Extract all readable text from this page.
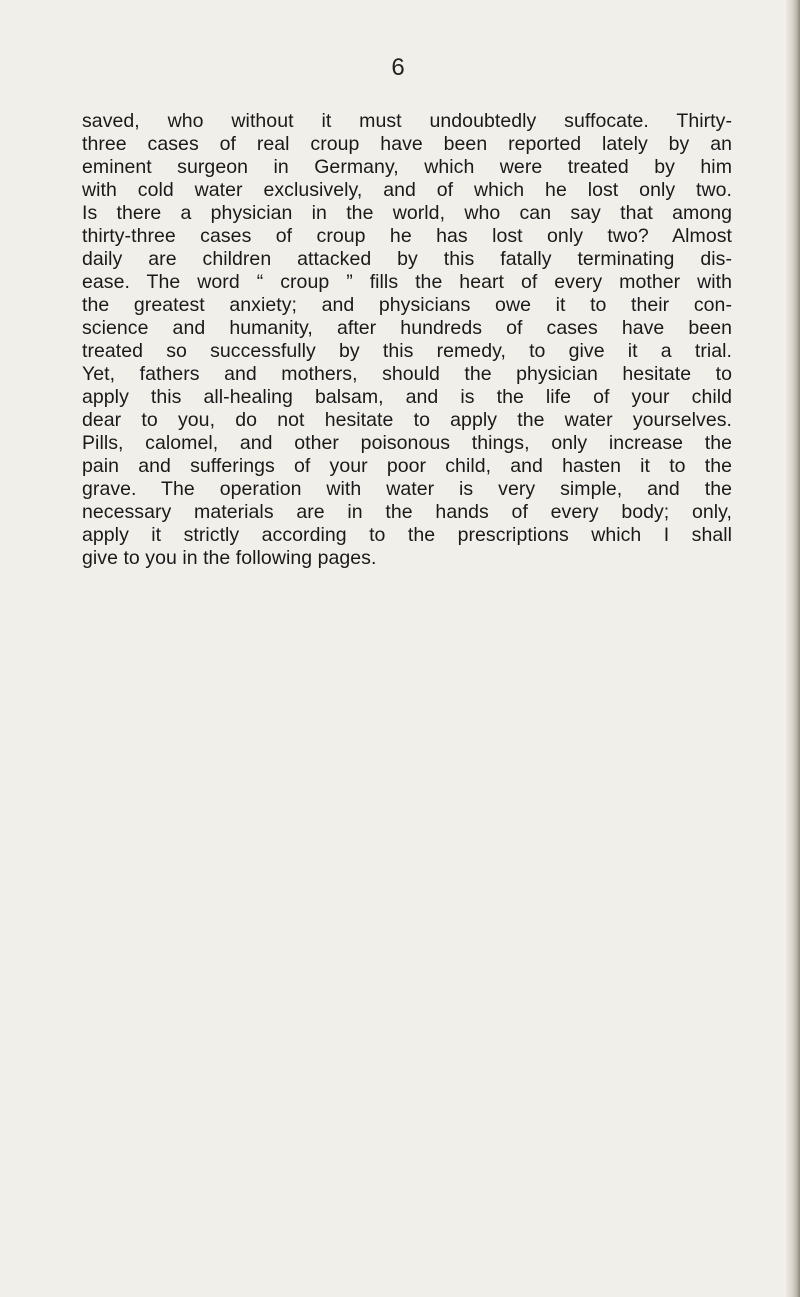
6
saved, who without it must undoubtedly suffocate. Thirty-
three cases of real croup have been reported lately by an
eminent surgeon in Germany, which were treated by him
with cold water exclusively, and of which he lost only two.
Is there a physician in the world, who can say that among
thirty-three cases of croup he has lost only two? Almost
daily are children attacked by this fatally terminating dis-
ease. The word “ croup ” fills the heart of every mother with
the greatest anxiety; and physicians owe it to their con-
science and humanity, after hundreds of cases have been
treated so successfully by this remedy, to give it a trial.
Yet, fathers and mothers, should the physician hesitate to
apply this all-healing balsam, and is the life of your child
dear to you, do not hesitate to apply the water yourselves.
Pills, calomel, and other poisonous things, only increase the
pain and sufferings of your poor child, and hasten it to the
grave. The operation with water is very simple, and the
necessary materials are in the hands of every body; only,
apply it strictly according to the prescriptions which I shall
give to you in the following pages.
